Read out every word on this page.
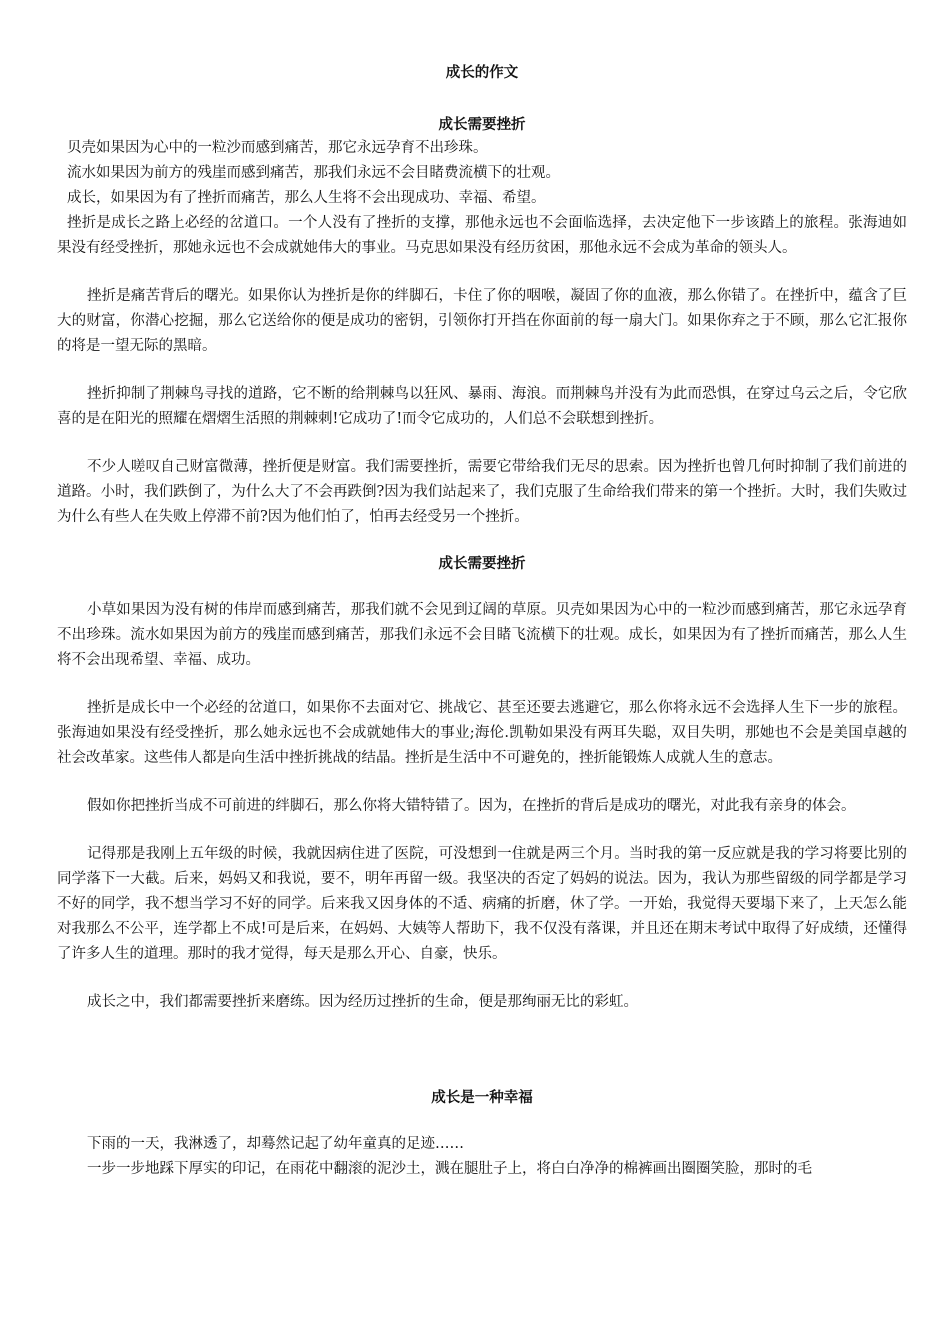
成长的作文
成长需要挫折

贝壳如果因为心中的一粒沙而感到痛苦，那它永远孕育不出珍珠。

流水如果因为前方的残崖而感到痛苦，那我们永远不会目睹费流横下的壮观。

成长，如果因为有了挫折而痛苦，那么人生将不会出现成功、幸福、希望。

挫折是成长之路上必经的岔道口。一个人没有了挫折的支撑，那他永远也不会面临选择，去决定他下一步该踏上的旅程。张海迪如果没有经受挫折，那她永远也不会成就她伟大的事业。马克思如果没有经历贫困，那他永远不会成为革命的领头人。

挫折是痛苦背后的曙光。如果你认为挫折是你的绊脚石，卡住了你的咽喉，凝固了你的血液，那么你错了。在挫折中，蕴含了巨大的财富，你潜心挖掘，那么它送给你的便是成功的密钥，引领你打开挡在你面前的每一扇大门。如果你弃之于不顾，那么它汇报你的将是一望无际的黑暗。

挫折抑制了荆棘鸟寻找的道路，它不断的给荆棘鸟以狂风、暴雨、海浪。而荆棘鸟并没有为此而恐惧，在穿过乌云之后，令它欣喜的是在阳光的照耀在熠熠生活照的荆棘刺!它成功了!而令它成功的，人们总不会联想到挫折。

不少人嗟叹自己财富微薄，挫折便是财富。我们需要挫折，需要它带给我们无尽的思索。因为挫折也曾几何时抑制了我们前进的道路。小时，我们跌倒了，为什么大了不会再跌倒?因为我们站起来了，我们克服了生命给我们带来的第一个挫折。大时，我们失败过为什么有些人在失败上停滞不前?因为他们怕了，怕再去经受另一个挫折。

成长需要挫折

小草如果因为没有树的伟岸而感到痛苦，那我们就不会见到辽阔的草原。贝壳如果因为心中的一粒沙而感到痛苦，那它永远孕育不出珍珠。流水如果因为前方的残崖而感到痛苦，那我们永远不会目睹飞流横下的壮观。成长，如果因为有了挫折而痛苦，那么人生将不会出现希望、幸福、成功。

挫折是成长中一个必经的岔道口，如果你不去面对它、挑战它、甚至还要去逃避它，那么你将永远不会选择人生下一步的旅程。张海迪如果没有经受挫折，那么她永远也不会成就她伟大的事业;海伦.凯勒如果没有两耳失聪，双目失明，那她也不会是美国卓越的社会改革家。这些伟人都是向生活中挫折挑战的结晶。挫折是生活中不可避免的，挫折能锻炼人成就人生的意志。

假如你把挫折当成不可前进的绊脚石，那么你将大错特错了。因为，在挫折的背后是成功的曙光，对此我有亲身的体会。

记得那是我刚上五年级的时候，我就因病住进了医院，可没想到一住就是两三个月。当时我的第一反应就是我的学习将要比别的同学落下一大截。后来，妈妈又和我说，要不，明年再留一级。我坚决的否定了妈妈的说法。因为，我认为那些留级的同学都是学习不好的同学，我不想当学习不好的同学。后来我又因身体的不适、病痛的折磨，休了学。一开始，我觉得天要塌下来了，上天怎么能对我那么不公平，连学都上不成!可是后来，在妈妈、大姨等人帮助下，我不仅没有落课，并且还在期末考试中取得了好成绩，还懂得了许多人生的道理。那时的我才觉得，每天是那么开心、自豪，快乐。

成长之中，我们都需要挫折来磨练。因为经历过挫折的生命，便是那绚丽无比的彩虹。

成长是一种幸福

下雨的一天，我淋透了，却蓦然记起了幼年童真的足迹……

一步一步地踩下厚实的印记，在雨花中翻滚的泥沙土，溅在腿肚子上，将白白净净的棉裤画出圈圈笑脸，那时的毛
